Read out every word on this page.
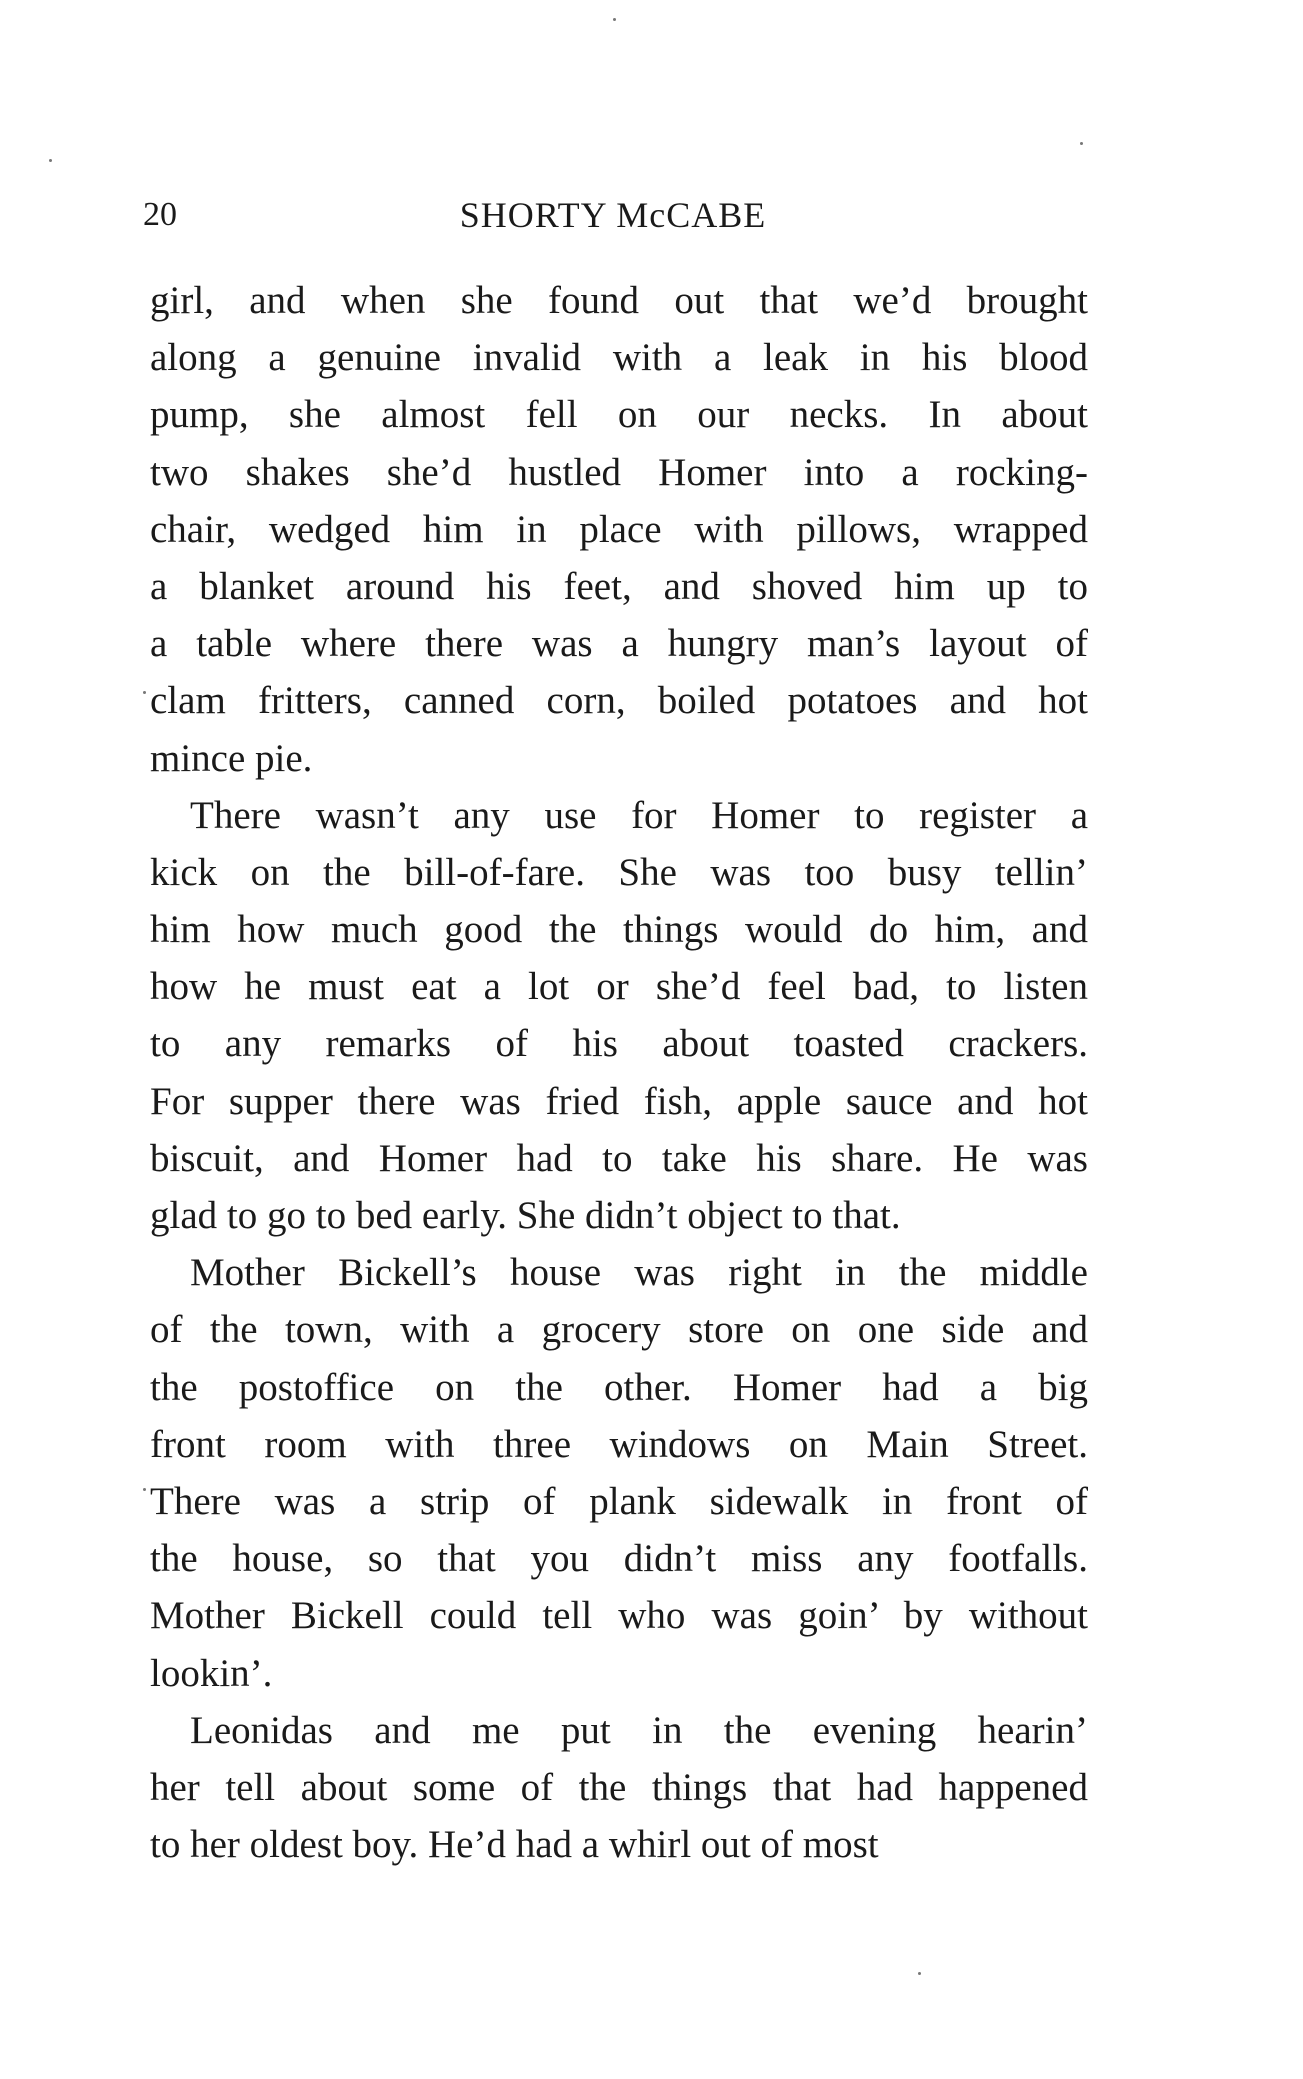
20	SHORTY McCABE
girl, and when she found out that we’d brought
along a genuine invalid with a leak in his blood
pump, she almost fell on our necks. In about
two shakes she’d hustled Homer into a rocking-
chair, wedged him in place with pillows, wrapped
a blanket around his feet, and shoved him up to
a table where there was a hungry man’s layout of
clam fritters, canned corn, boiled potatoes and hot
mince pie.
There wasn’t any use for Homer to register a
kick on the bill-of-fare. She was too busy tellin’
him how much good the things would do him, and
how he must eat a lot or she’d feel bad, to listen
to any remarks of his about toasted crackers.
For supper there was fried fish, apple sauce and hot
biscuit, and Homer had to take his share. He was
glad to go to bed early. She didn’t object to that.
Mother Bickell’s house was right in the middle
of the town, with a grocery store on one side and
the postoffice on the other. Homer had a big
front room with three windows on Main Street.
There was a strip of plank sidewalk in front of
the house, so that you didn’t miss any footfalls.
Mother Bickell could tell who was goin’ by without
lookin’.
Leonidas and me put in the evening hearin’
her tell about some of the things that had happened
to her oldest boy. He’d had a whirl out of most
